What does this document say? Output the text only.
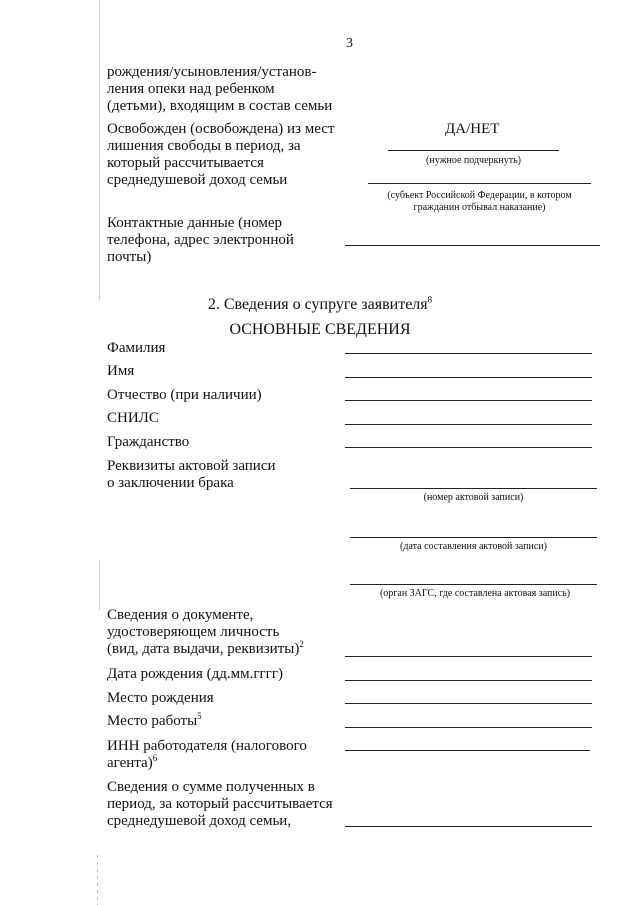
3
рождения/усыновления/установ-
ления опеки над ребенком
(детьми), входящим в состав семьи
Освобожден (освобождена) из мест
лишения свободы в период, за
который рассчитывается
среднедушевой доход семьи
ДА/НЕТ
(нужное подчеркнуть)
(субъект Российской Федерации, в котором
гражданин отбывал наказание)
Контактные данные (номер
телефона, адрес электронной
почты)
2. Сведения о супруге заявителя$^8$
ОСНОВНЫЕ СВЕДЕНИЯ
Фамилия
Имя
Отчество (при наличии)
СНИЛС
Гражданство
Реквизиты актовой записи
о заключении брака
(номер актовой записи)
(дата составления актовой записи)
(орган ЗАГС, где составлена актовая запись)
Сведения о документе,
удостоверяющем личность
(вид, дата выдачи, реквизиты)$^2$
Дата рождения (дд.мм.гггг)
Место рождения
Место работы$^5$
ИНН работодателя (налогового
агента)$^6$
Сведения о сумме полученных в
период, за который рассчитывается
среднедушевой доход семьи,
